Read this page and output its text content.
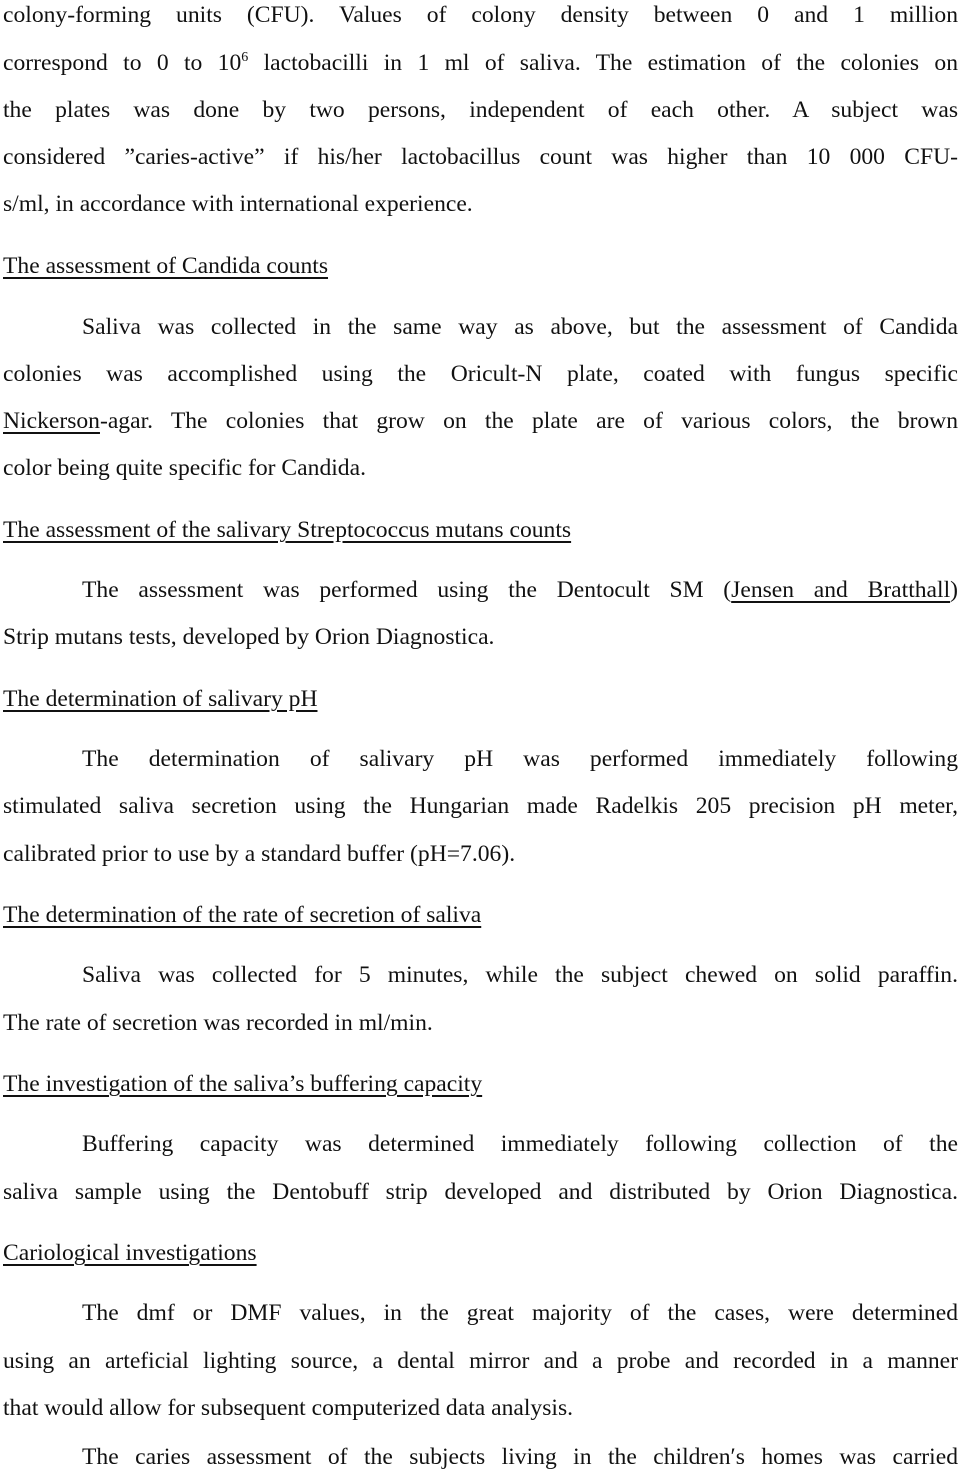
colony-forming units (CFU). Values of colony density between 0 and 1 million
correspond to 0 to $10^6$ lactobacilli in 1 ml of saliva. The estimation of the colonies on
the plates was done by two persons, independent of each other. A subject was
considered ”caries-active” if his/her lactobacillus count was higher than 10 000 CFU-
s/ml, in accordance with international experience.
The assessment of Candida counts
Saliva was collected in the same way as above, but the assessment of Candida
colonies was accomplished using the Oricult-N plate, coated with fungus specific
Nickerson-agar. The colonies that grow on the plate are of various colors, the brown
color being quite specific for Candida.
The assessment of the salivary Streptococcus mutans counts
The assessment was performed using the Dentocult SM (Jensen and Bratthall)
Strip mutans tests, developed by Orion Diagnostica.
The determination of salivary pH
The determination of salivary pH was performed immediately following
stimulated saliva secretion using the Hungarian made Radelkis 205 precision pH meter,
calibrated prior to use by a standard buffer (pH=7.06).
The determination of the rate of secretion of saliva
Saliva was collected for 5 minutes, while the subject chewed on solid paraffin.
The rate of secretion was recorded in ml/min.
The investigation of the saliva’s buffering capacity
Buffering capacity was determined immediately following collection of the
saliva sample using the Dentobuff strip developed and distributed by Orion Diagnostica.
Cariological investigations
The dmf or DMF values, in the great majority of the cases, were determined
using an arteficial lighting source, a dental mirror and a probe and recorded in a manner
that would allow for subsequent computerized data analysis.
The caries assessment of the subjects living in the children′s homes was carried
